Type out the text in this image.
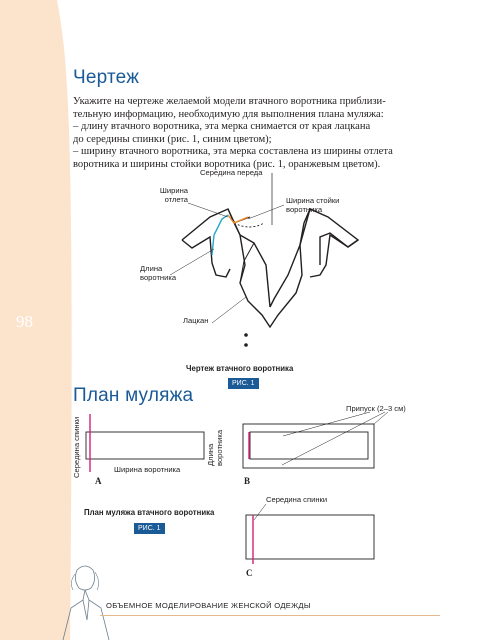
98
Чертеж

Укажите на чертеже желаемой модели втачного воротника приблизи-

тельную информацию, необходимую для выполнения плана муляжа:

– длину втачного воротника, эта мерка снимается от края лацкана

до середины спинки (рис. 1, синим цветом);

– ширину втачного воротника, эта мерка составлена из ширины отлета

воротника и ширины стойки воротника (рис. 1, оранжевым цветом).

Середина переда
Ширина
отлета	Ширина стойки
воротника
Длина
воротника
Лацкан
Чертеж втачного воротника
РИС. 1
План муляжа
Середина спинки	Ширина воротника
Длина воротника
А
Припуск (2–3 см)
B
Середина спинки
C
План муляжа втачного воротника
РИС. 1
ОБЪЕМНОЕ МОДЕЛИРОВАНИЕ ЖЕНСКОЙ ОДЕЖДЫ
